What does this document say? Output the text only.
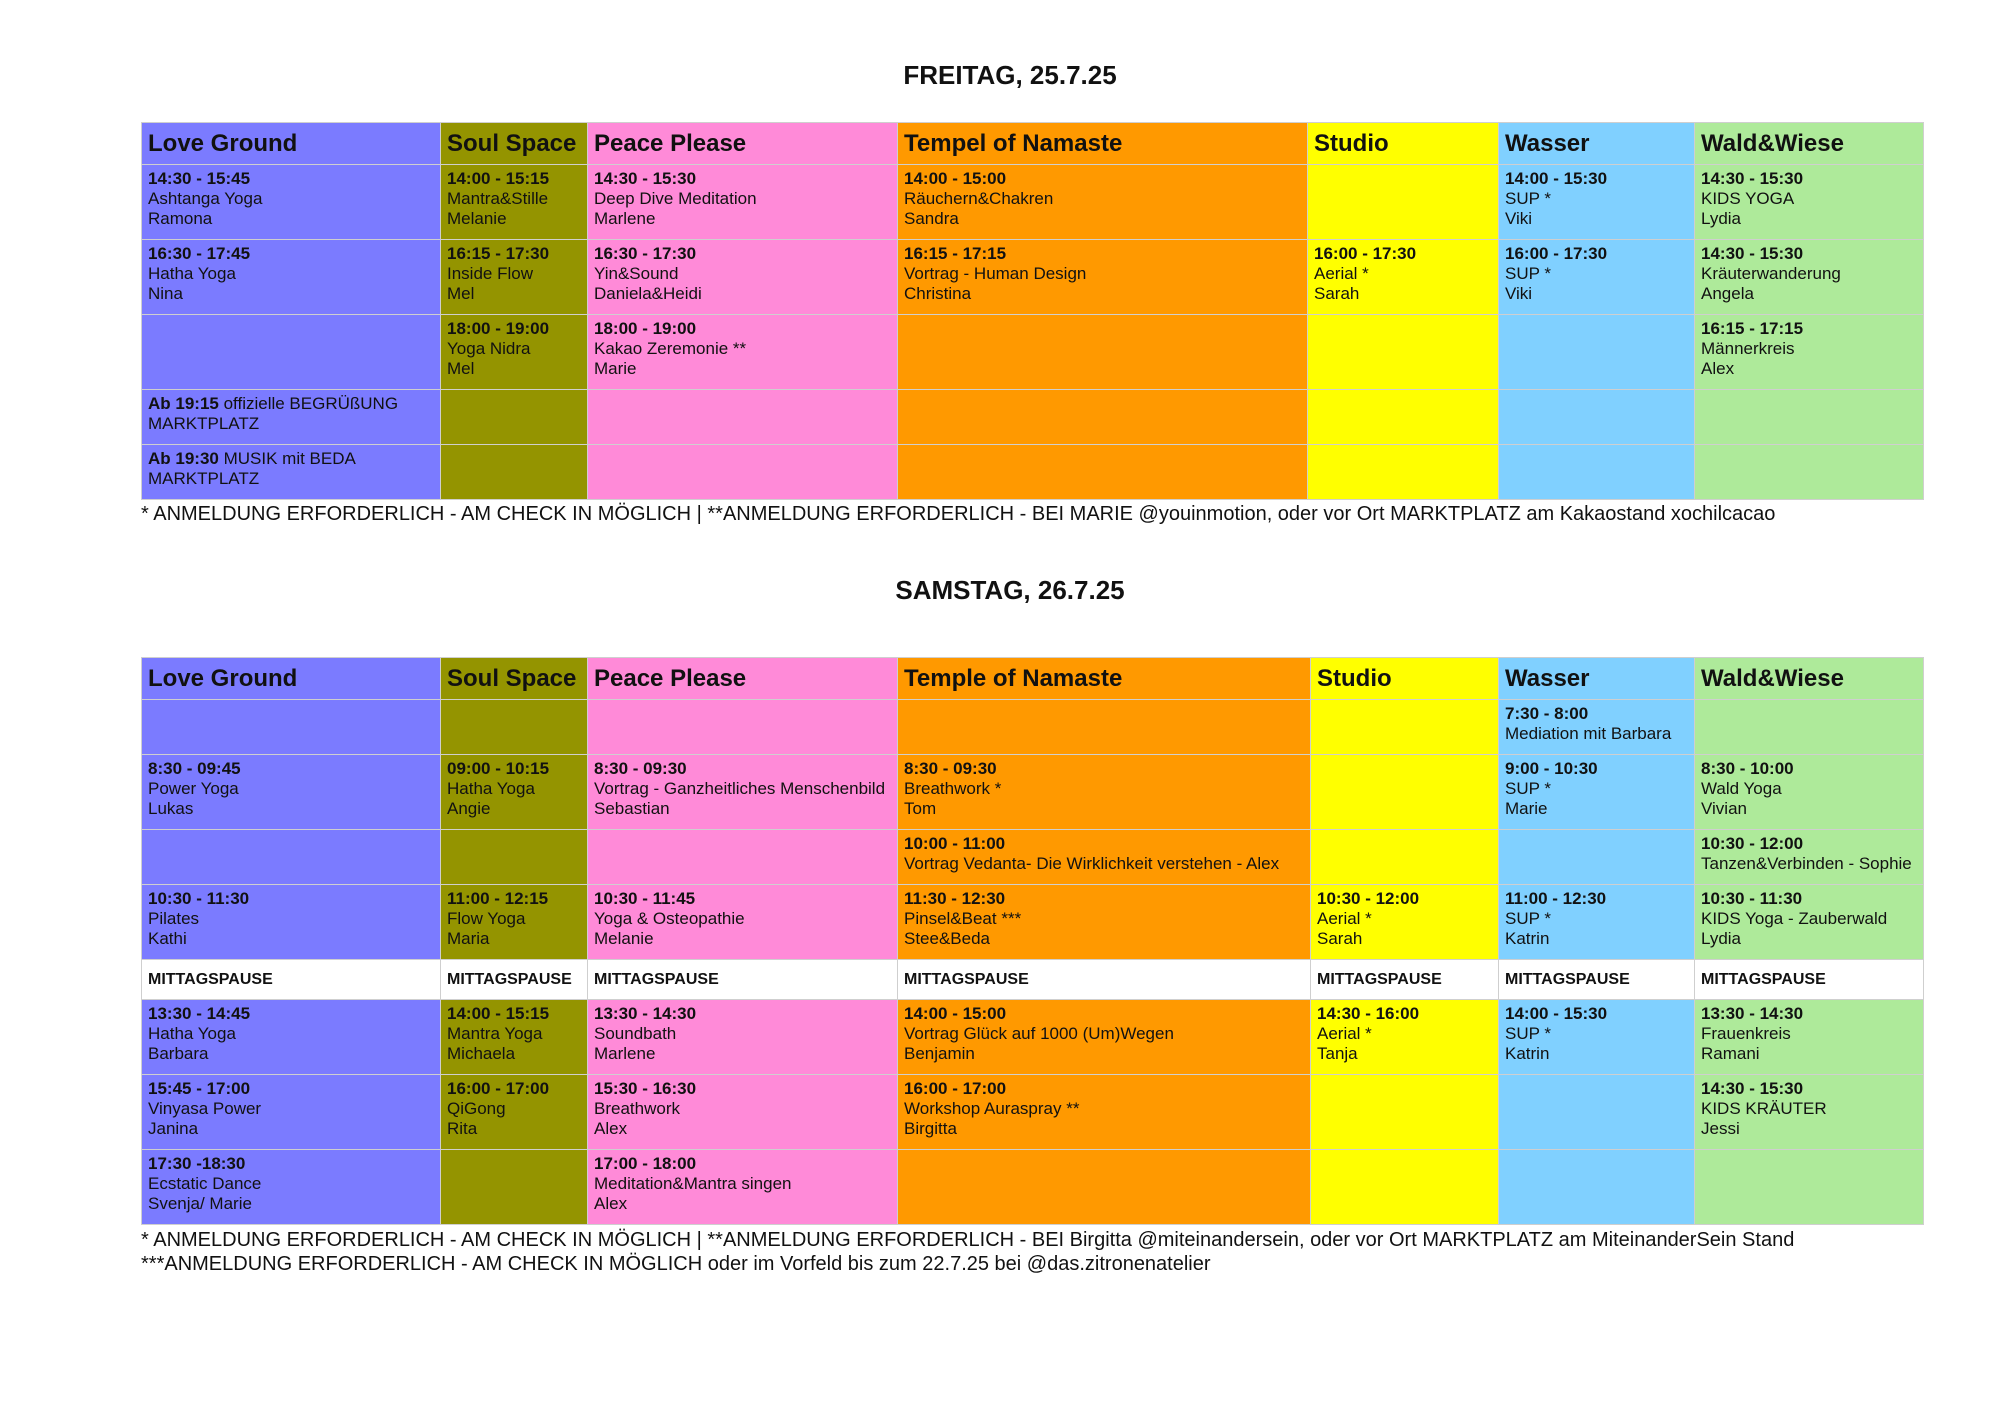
FREITAG, 25.7.25
Love Ground	Soul Space	Peace Please	Tempel of Namaste	Studio	Wasser	Wald&Wiese

14:30 - 15:45
Ashtanga Yoga
Ramona	14:00 - 15:15
Mantra&Stille
Melanie	14:30 - 15:30
Deep Dive Meditation
Marlene	14:00 - 15:00
Räuchern&Chakren
Sandra		14:00 - 15:30
SUP *
Viki	14:30 - 15:30
KIDS YOGA
Lydia

16:30 - 17:45
Hatha Yoga
Nina	16:15 - 17:30
Inside Flow
Mel	16:30 - 17:30
Yin&Sound
Daniela&Heidi	16:15 - 17:15
Vortrag - Human Design
Christina	16:00 - 17:30
Aerial *
Sarah	16:00 - 17:30
SUP *
Viki	14:30 - 15:30
Kräuterwanderung
Angela

	18:00 - 19:00
Yoga Nidra
Mel	18:00 - 19:00
Kakao Zeremonie **
Marie				16:15 - 17:15
Männerkreis
Alex

Ab 19:15 offizielle BEGRÜßUNG
MARKTPLATZ						

Ab 19:30 MUSIK mit BEDA
MARKTPLATZ						

* ANMELDUNG ERFORDERLICH - AM CHECK IN MÖGLICH | **ANMELDUNG ERFORDERLICH - BEI MARIE @youinmotion, oder vor Ort MARKTPLATZ am Kakaostand xochilcacao
SAMSTAG, 26.7.25
Love Ground	Soul Space	Peace Please	Temple of Namaste	Studio	Wasser	Wald&Wiese

					7:30 - 8:00
Mediation mit Barbara	

8:30 - 09:45
Power Yoga
Lukas	09:00 - 10:15
Hatha Yoga
Angie	8:30 - 09:30
Vortrag - Ganzheitliches Menschenbild
Sebastian	8:30 - 09:30
Breathwork *
Tom		9:00 - 10:30
SUP *
Marie	8:30 - 10:00
Wald Yoga
Vivian

			10:00 - 11:00
Vortrag Vedanta- Die Wirklichkeit verstehen - Alex			10:30 - 12:00
Tanzen&Verbinden - Sophie

10:30 - 11:30
Pilates
Kathi	11:00 - 12:15
Flow Yoga
Maria	10:30 - 11:45
Yoga & Osteopathie
Melanie	11:30 - 12:30
Pinsel&Beat ***
Stee&Beda	10:30 - 12:00
Aerial *
Sarah	11:00 - 12:30
SUP *
Katrin	10:30 - 11:30
KIDS Yoga - Zauberwald
Lydia

MITTAGSPAUSE	MITTAGSPAUSE	MITTAGSPAUSE	MITTAGSPAUSE	MITTAGSPAUSE	MITTAGSPAUSE	MITTAGSPAUSE

13:30 - 14:45
Hatha Yoga
Barbara	14:00 - 15:15
Mantra Yoga
Michaela	13:30 - 14:30
Soundbath
Marlene	14:00 - 15:00
Vortrag Glück auf 1000 (Um)Wegen
Benjamin	14:30 - 16:00
Aerial *
Tanja	14:00 - 15:30
SUP *
Katrin	13:30 - 14:30
Frauenkreis
Ramani

15:45 - 17:00
Vinyasa Power
Janina	16:00 - 17:00
QiGong
Rita	15:30 - 16:30
Breathwork
Alex	16:00 - 17:00
Workshop Auraspray **
Birgitta			14:30 - 15:30
KIDS KRÄUTER
Jessi

17:30 -18:30
Ecstatic Dance
Svenja/ Marie		17:00 - 18:00
Meditation&Mantra singen
Alex				

* ANMELDUNG ERFORDERLICH - AM CHECK IN MÖGLICH | **ANMELDUNG ERFORDERLICH - BEI Birgitta @miteinandersein, oder vor Ort MARKTPLATZ am MiteinanderSein Stand
***ANMELDUNG ERFORDERLICH - AM CHECK IN MÖGLICH oder im Vorfeld bis zum 22.7.25 bei @das.zitronenatelier
